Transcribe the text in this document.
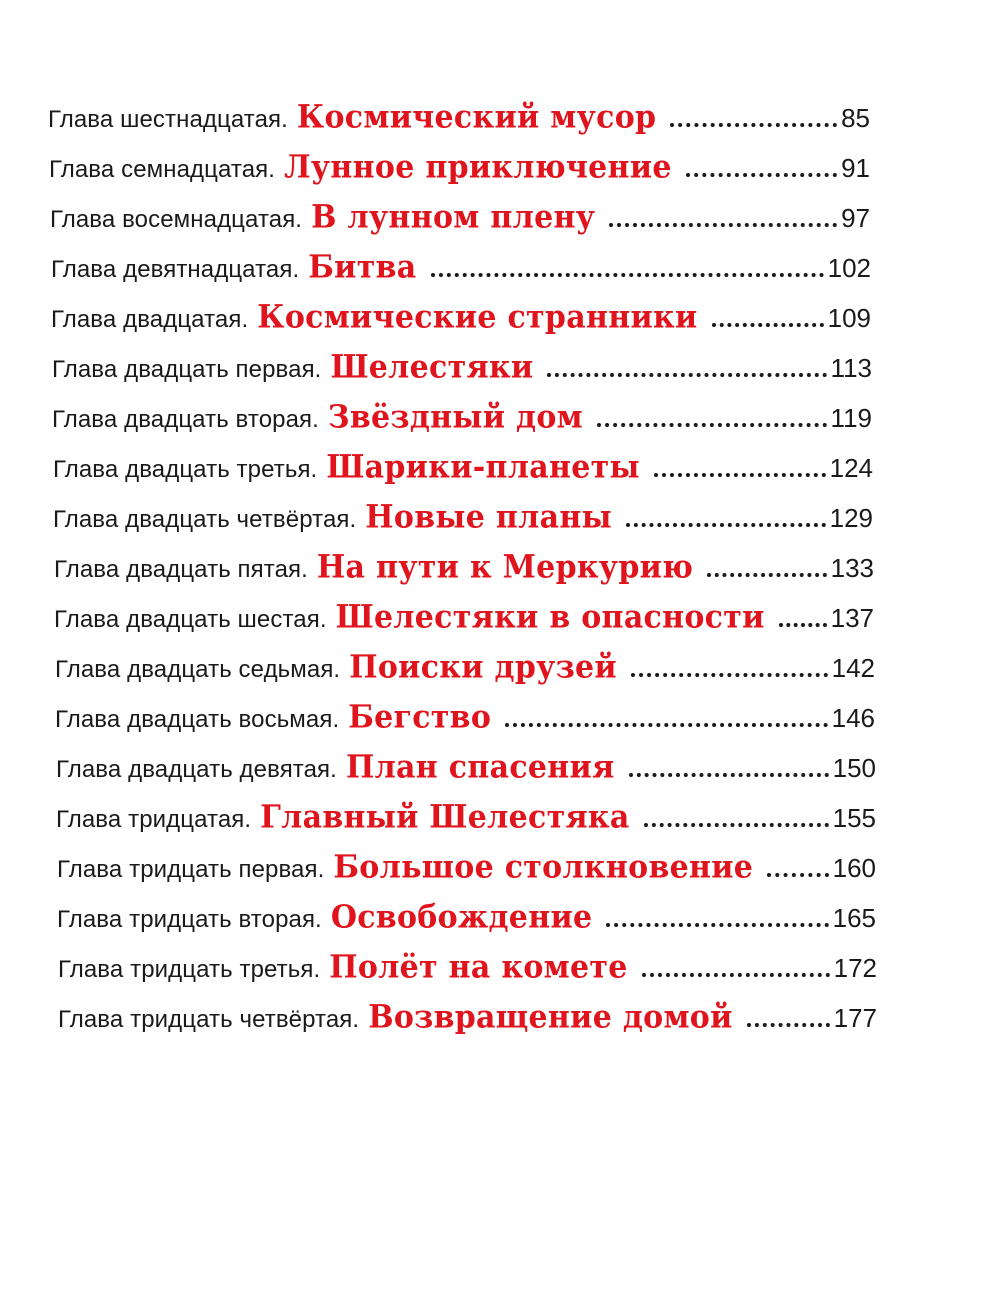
Глава шестнадцатая. Космический мусор	85
Глава семнадцатая. Лунное приключение	91
Глава восемнадцатая. В лунном плену	97
Глава девятнадцатая. Битва	102
Глава двадцатая. Космические странники	109
Глава двадцать первая. Шелестяки	113
Глава двадцать вторая. Звёздный дом	119
Глава двадцать третья. Шарики-планеты	124
Глава двадцать четвёртая. Новые планы	129
Глава двадцать пятая. На пути к Меркурию	133
Глава двадцать шестая. Шелестяки в опасности	137
Глава двадцать седьмая. Поиски друзей	142
Глава двадцать восьмая. Бегство	146
Глава двадцать девятая. План спасения	150
Глава тридцатая. Главный Шелестяка	155
Глава тридцать первая. Большое столкновение	160
Глава тридцать вторая. Освобождение	165
Глава тридцать третья. Полёт на комете	172
Глава тридцать четвёртая. Возвращение домой	177
